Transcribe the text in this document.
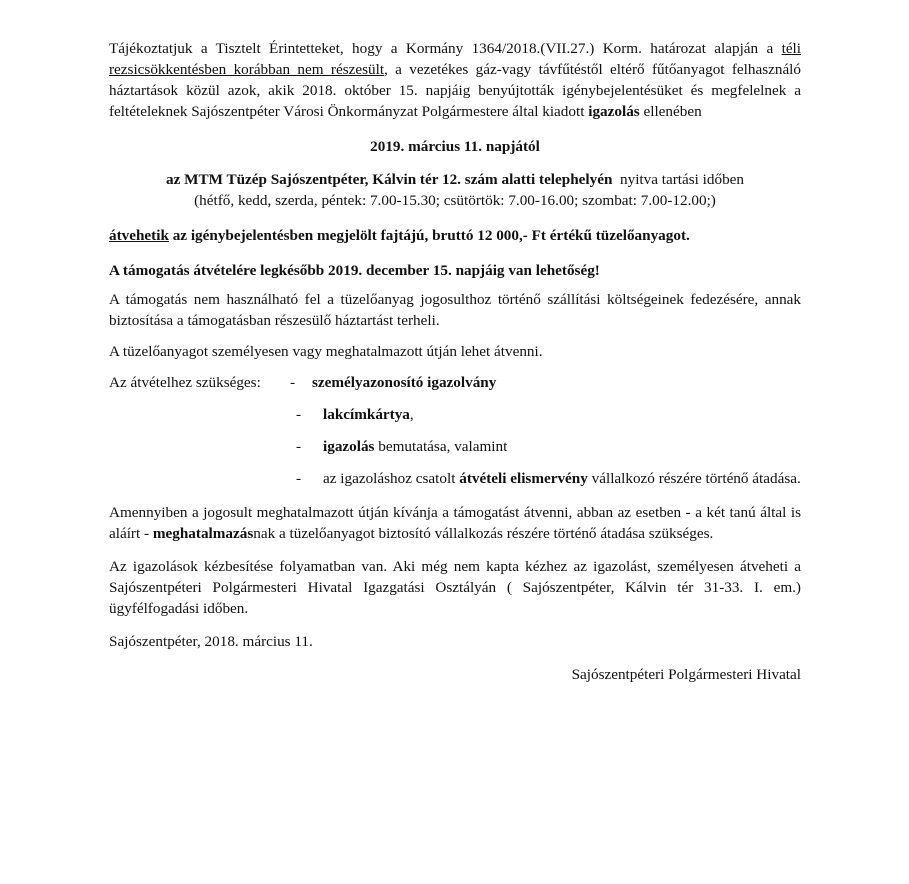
Tájékoztatjuk a Tisztelt Érintetteket, hogy a Kormány 1364/2018.(VII.27.) Korm. határozat alapján a téli rezsicsökkentésben korábban nem részesült, a vezetékes gáz-vagy távfűtéstől eltérő fűtőanyagot felhasználó háztartások közül azok, akik 2018. október 15. napjáig benyújtották igénybejelentésüket és megfelelnek a feltételeknek Sajószentpéter Városi Önkormányzat Polgármestere által kiadott igazolás ellenében

2019. március 11. napjától

az MTM Tüzép Sajószentpéter, Kálvin tér 12. szám alatti telephelyén  nyitva tartási időben

(hétfő, kedd, szerda, péntek: 7.00-15.30; csütörtök: 7.00-16.00; szombat: 7.00-12.00;)

átvehetik az igénybejelentésben megjelölt fajtájú, bruttó 12 000,- Ft értékű tüzelőanyagot.

A támogatás átvételére legkésőbb 2019. december 15. napjáig van lehetőség!

A támogatás nem használható fel a tüzelőanyag jogosulthoz történő szállítási költségeinek fedezésére, annak biztosítása a támogatásban részesülő háztartást terheli.

A tüzelőanyagot személyesen vagy meghatalmazott útján lehet átvenni.

Az átvételhez szükséges:	-	személyazonosító igazolvány
-	lakcímkártya,
-	igazolás bemutatása, valamint
-	az igazoláshoz csatolt átvételi elismervény vállalkozó részére történő átadása.

Amennyiben a jogosult meghatalmazott útján kívánja a támogatást átvenni, abban az esetben - a két tanú által is aláírt - meghatalmazásnak a tüzelőanyagot biztosító vállalkozás részére történő átadása szükséges.

Az igazolások kézbesítése folyamatban van. Aki még nem kapta kézhez az igazolást, személyesen átveheti a Sajószentpéteri Polgármesteri Hivatal Igazgatási Osztályán ( Sajószentpéter, Kálvin tér 31-33. I. em.) ügyfélfogadási időben.

Sajószentpéter, 2018. március 11.

Sajószentpéteri Polgármesteri Hivatal
